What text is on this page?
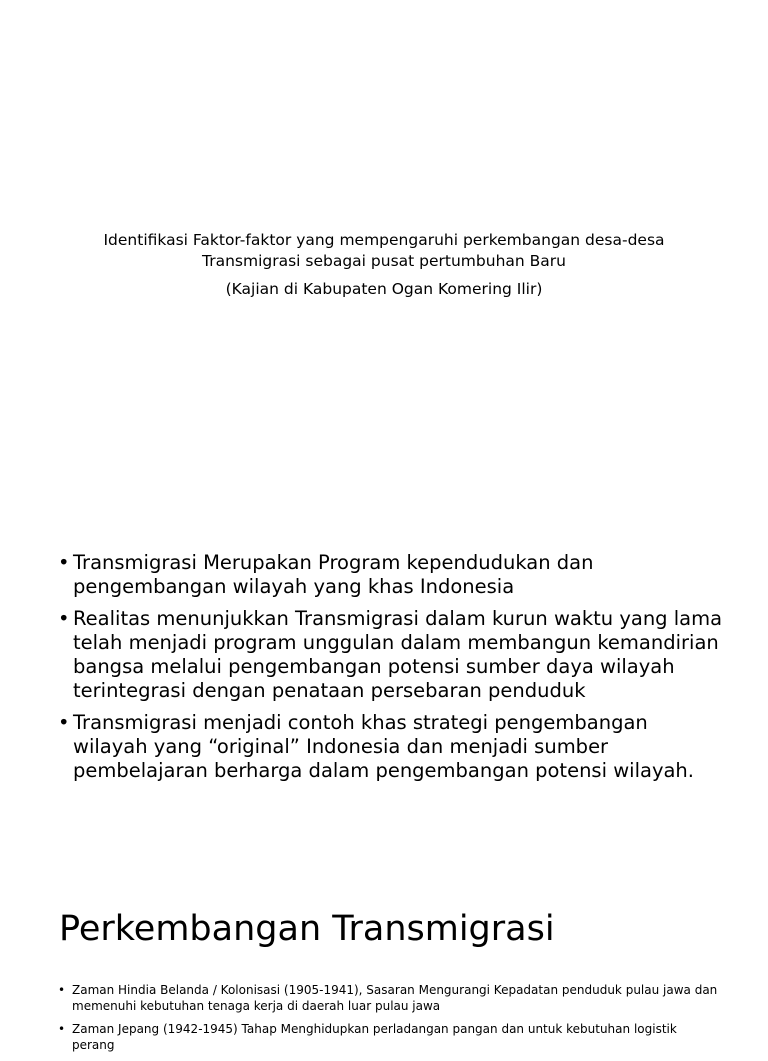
Identifikasi Faktor-faktor yang mempengaruhi perkembangan desa-desa
Transmigrasi sebagai pusat pertumbuhan Baru
(Kajian di Kabupaten Ogan Komering Ilir)
• Transmigrasi Merupakan Program kependudukan dan pengembangan wilayah yang khas Indonesia
• Realitas menunjukkan Transmigrasi dalam kurun waktu yang lama telah menjadi program unggulan dalam membangun kemandirian bangsa melalui pengembangan potensi sumber daya wilayah terintegrasi dengan penataan persebaran penduduk
• Transmigrasi menjadi contoh khas strategi pengembangan wilayah yang “original” Indonesia dan menjadi sumber pembelajaran berharga dalam pengembangan potensi wilayah.
Perkembangan Transmigrasi
• Zaman Hindia Belanda / Kolonisasi (1905-1941), Sasaran Mengurangi Kepadatan penduduk pulau jawa dan memenuhi kebutuhan tenaga kerja di daerah luar pulau jawa
• Zaman Jepang (1942-1945) Tahap Menghidupkan perladangan pangan dan untuk kebutuhan logistik perang
